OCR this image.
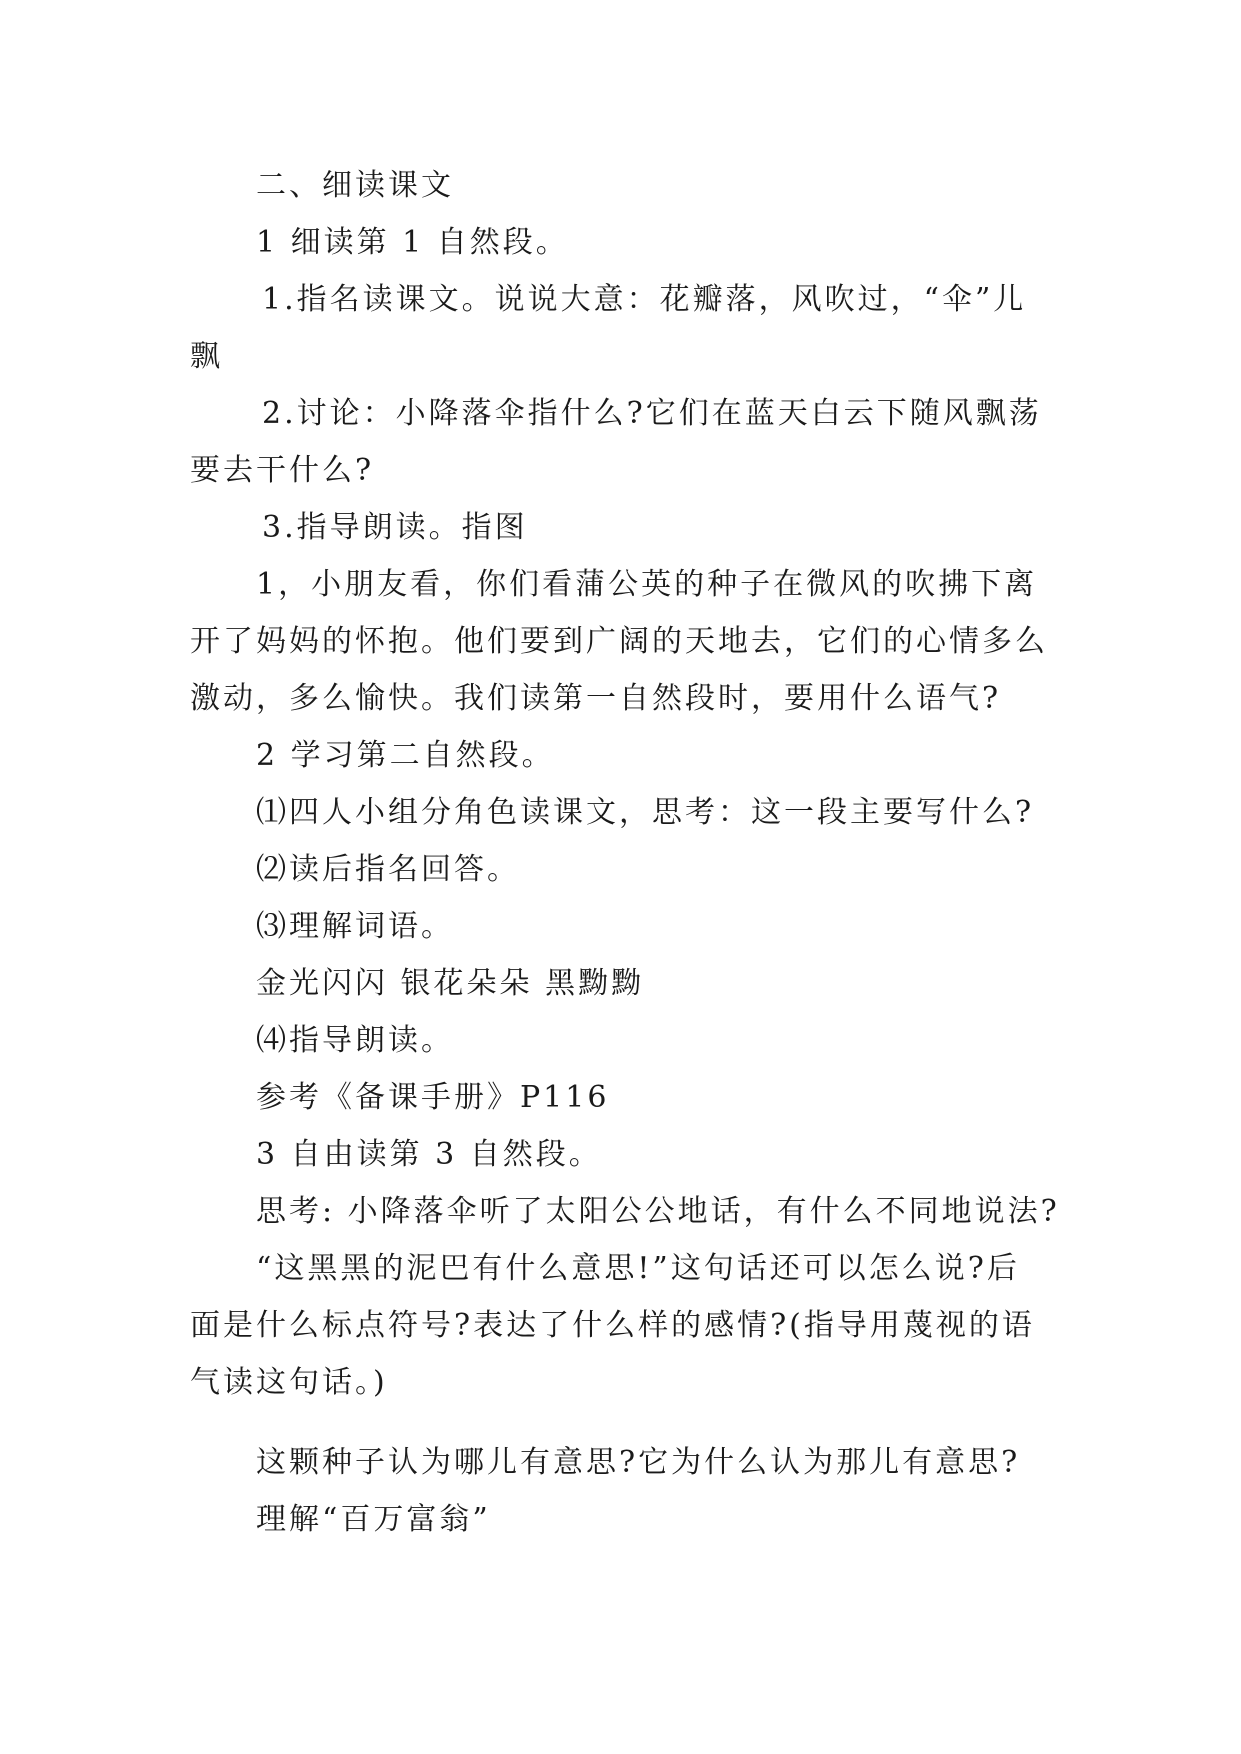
二、细读课文
1 细读第 1 自然段。
1.指名读课文。说说大意：花瓣落，风吹过，“伞”儿
飘
2.讨论：小降落伞指什么?它们在蓝天白云下随风飘荡
要去干什么?
3.指导朗读。指图
1，小朋友看，你们看蒲公英的种子在微风的吹拂下离
开了妈妈的怀抱。他们要到广阔的天地去，它们的心情多么
激动，多么愉快。我们读第一自然段时，要用什么语气?
2 学习第二自然段。
⑴四人小组分角色读课文，思考：这一段主要写什么?
⑵读后指名回答。
⑶理解词语。
金光闪闪 银花朵朵 黑黝黝
⑷指导朗读。
参考《备课手册》P116
3 自由读第 3 自然段。
思考: 小降落伞听了太阳公公地话，有什么不同地说法?
“这黑黑的泥巴有什么意思!”这句话还可以怎么说?后
面是什么标点符号?表达了什么样的感情?(指导用蔑视的语
气读这句话。)
这颗种子认为哪儿有意思?它为什么认为那儿有意思?
理解“百万富翁”
